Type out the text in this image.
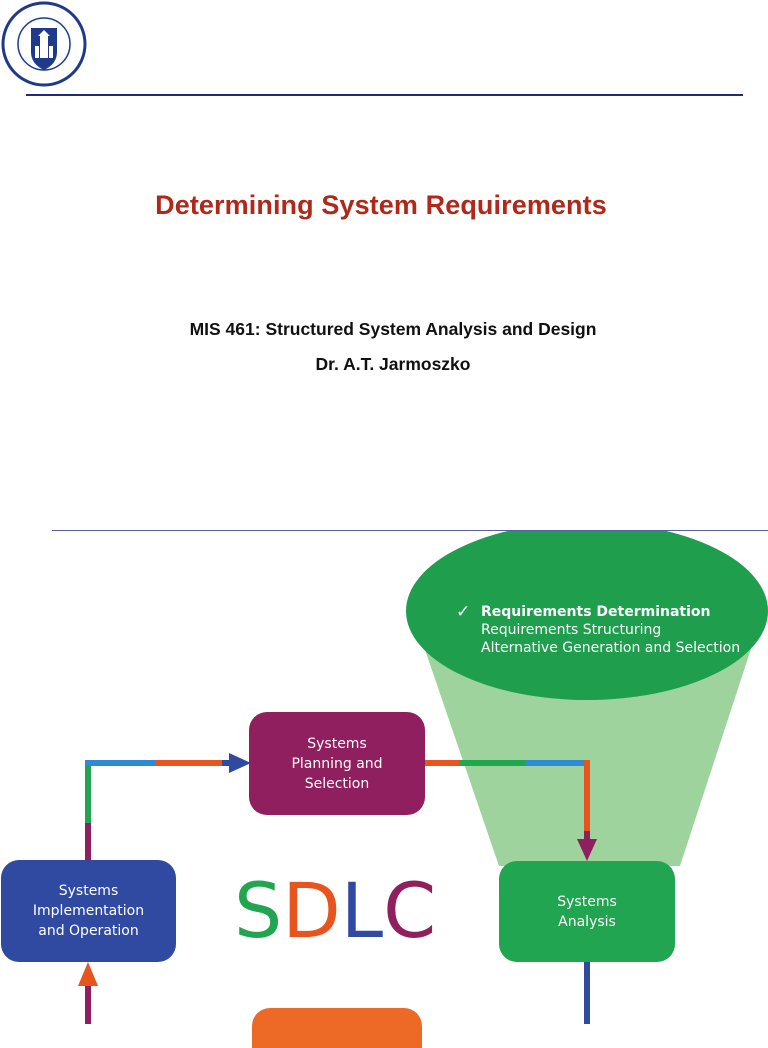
Determining System Requirements
MIS 461: Structured System Analysis and Design
Dr. A.T. Jarmoszko
✓ Requirements Determination
Requirements Structuring
Alternative Generation and Selection
Systems
Planning and
Selection
Systems
Implementation
and Operation
Systems
Analysis
SDLC
